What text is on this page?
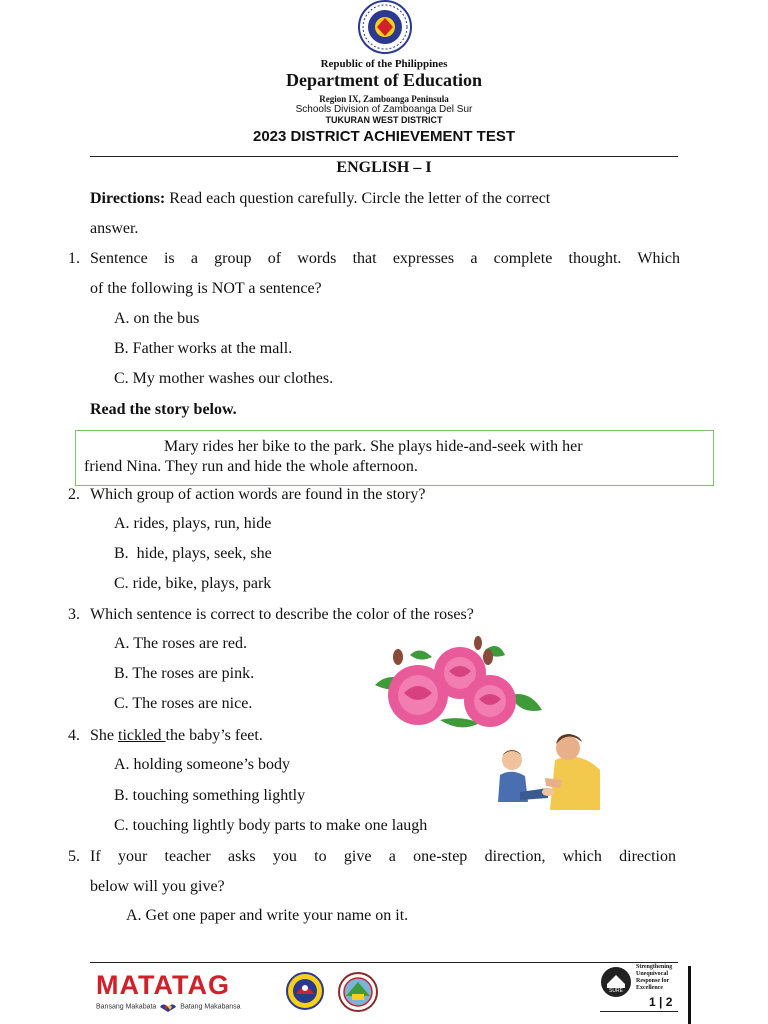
Republic of the Philippines
Department of Education
Region IX, Zamboanga Peninsula
Schools Division of Zamboanga Del Sur
TUKURAN WEST DISTRICT
2023 DISTRICT ACHIEVEMENT TEST
ENGLISH – I
Directions: Read each question carefully. Circle the letter of the correct
answer.
1. Sentence is a group of words that expresses a complete thought. Which
of the following is NOT a sentence?
A. on the bus
B. Father works at the mall.
C. My mother washes our clothes.
Read the story below.
Mary rides her bike to the park. She plays hide-and-seek with her
friend Nina. They run and hide the whole afternoon.
2. Which group of action words are found in the story?
A. rides, plays, run, hide
B.  hide, plays, seek, she
C. ride, bike, plays, park
3. Which sentence is correct to describe the color of the roses?
A. The roses are red.
B. The roses are pink.
C. The roses are nice.
4. She tickled the baby’s feet.
A. holding someone’s body
B. touching something lightly
C. touching lightly body parts to make one laugh
5. If your teacher asks you to give a one-step direction, which direction
below will you give?
A. Get one paper and write your name on it.
MATATAG
Bansang Makabata	Batang Makabansa
SURE
Strengthening
Unequivocal
Response for
Excellence
1 | 2
